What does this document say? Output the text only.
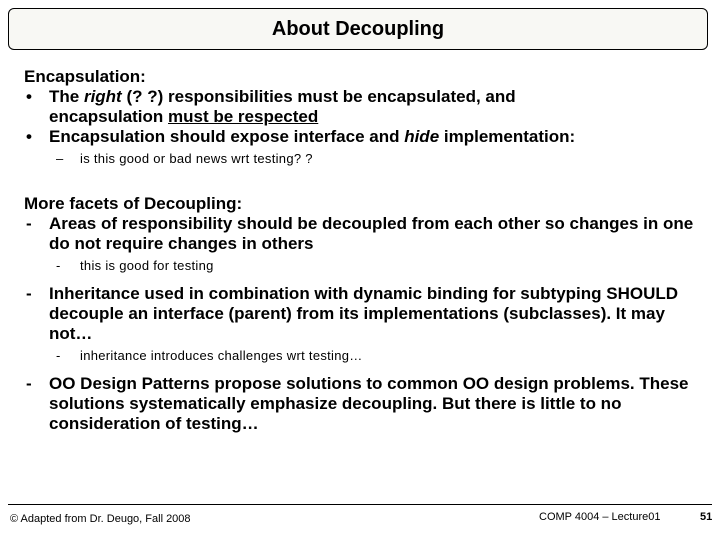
About Decoupling
Encapsulation:
• The right (? ?) responsibilities must be encapsulated, and
encapsulation must be respected
• Encapsulation should expose interface and hide implementation:
– is this good or bad news wrt testing? ?
More facets of Decoupling:
- Areas of responsibility should be decoupled from each other so changes in one do not require changes in others
- this is good for testing
- Inheritance used in combination with dynamic binding for subtyping SHOULD decouple an interface (parent) from its implementations (subclasses). It may not…
- inheritance introduces challenges wrt testing…
- OO Design Patterns propose solutions to common OO design problems. These solutions systematically emphasize decoupling. But there is little to no consideration of testing…
© Adapted from Dr. Deugo, Fall 2008	COMP 4004 – Lecture01	51
